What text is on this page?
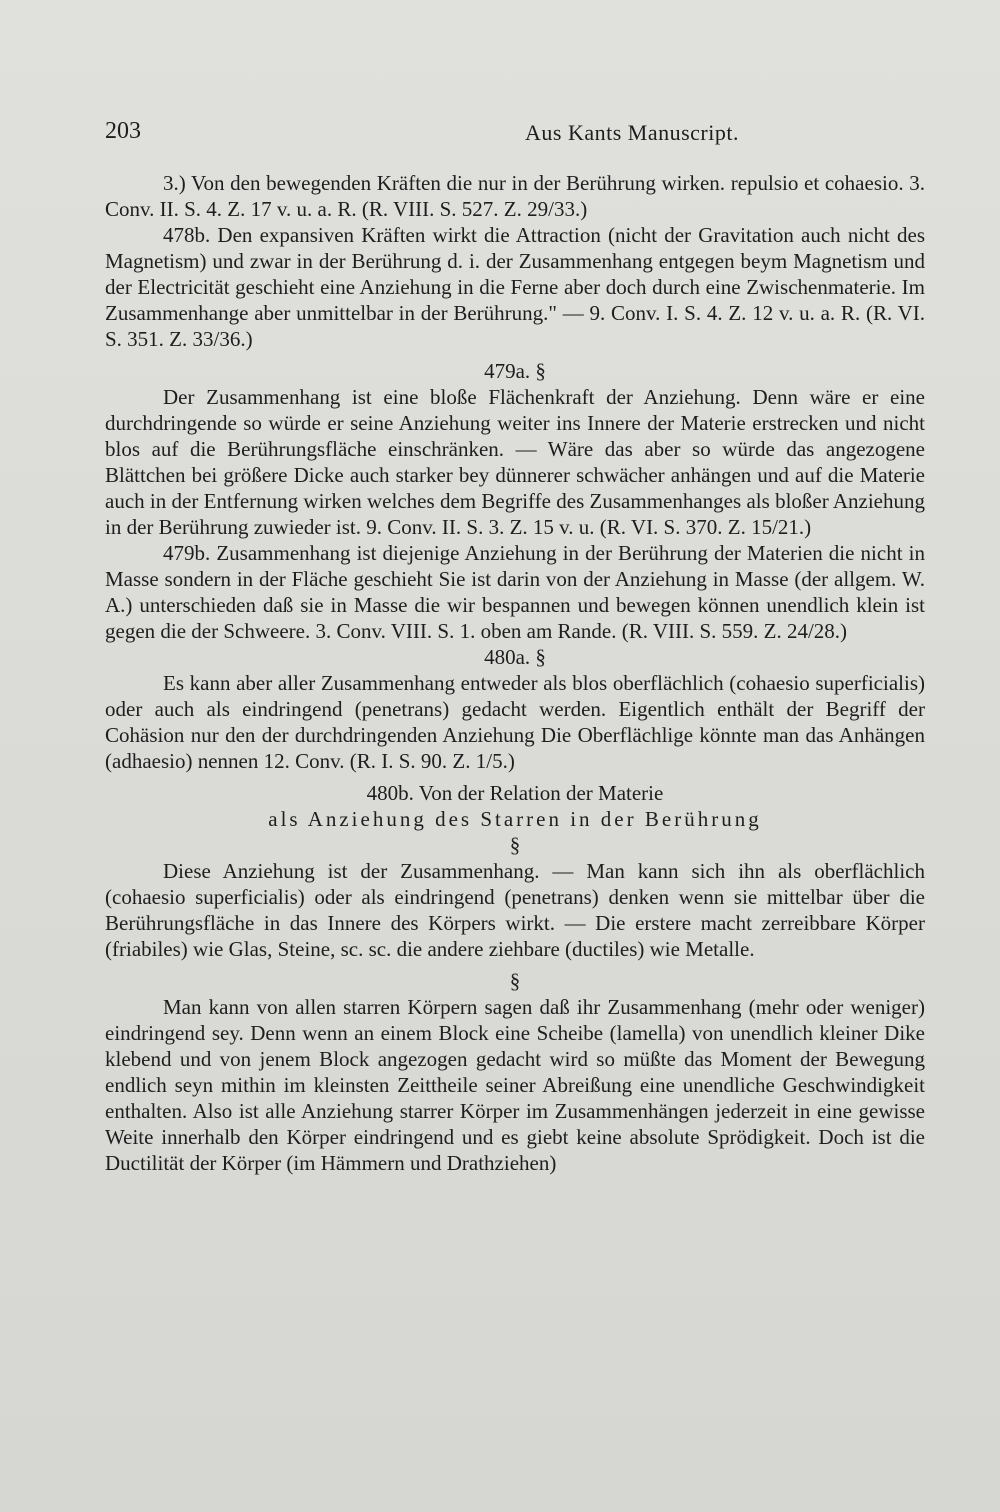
203	Aus Kants Manuscript.

3.) Von den bewegenden Kräften die nur in der Berührung wirken. repulsio et cohaesio. 3. Conv. II. S. 4. Z. 17 v. u. a. R. (R. VIII. S. 527. Z. 29/33.)

478b. Den expansiven Kräften wirkt die Attraction (nicht der Gravitation auch nicht des Magnetism) und zwar in der Berührung d. i. der Zusammenhang entgegen beym Magnetism und der Electricität geschieht eine Anziehung in die Ferne aber doch durch eine Zwischenmaterie. Im Zusammenhange aber unmittelbar in der Berührung." — 9. Conv. I. S. 4. Z. 12 v. u. a. R. (R. VI. S. 351. Z. 33/36.)

479a. §

Der Zusammenhang ist eine bloße Flächenkraft der Anziehung. Denn wäre er eine durchdringende so würde er seine Anziehung weiter ins Innere der Materie erstrecken und nicht blos auf die Berührungsfläche einschränken. — Wäre das aber so würde das angezogene Blättchen bei größere Dicke auch starker bey dünnerer schwächer anhängen und auf die Materie auch in der Entfernung wirken welches dem Begriffe des Zusammenhanges als bloßer Anziehung in der Berührung zuwieder ist. 9. Conv. II. S. 3. Z. 15 v. u. (R. VI. S. 370. Z. 15/21.)

479b. Zusammenhang ist diejenige Anziehung in der Berührung der Materien die nicht in Masse sondern in der Fläche geschieht Sie ist darin von der Anziehung in Masse (der allgem. W. A.) unterschieden daß sie in Masse die wir bespannen und bewegen können unendlich klein ist gegen die der Schweere. 3. Conv. VIII. S. 1. oben am Rande. (R. VIII. S. 559. Z. 24/28.)

480a. §

Es kann aber aller Zusammenhang entweder als blos oberflächlich (cohaesio superficialis) oder auch als eindringend (penetrans) gedacht werden. Eigentlich enthält der Begriff der Cohäsion nur den der durchdringenden Anziehung Die Oberflächlige könnte man das Anhängen (adhaesio) nennen 12. Conv. (R. I. S. 90. Z. 1/5.)

480b. Von der Relation der Materie

als Anziehung des Starren in der Berührung

§

Diese Anziehung ist der Zusammenhang. — Man kann sich ihn als oberflächlich (cohaesio superficialis) oder als eindringend (penetrans) denken wenn sie mittelbar über die Berührungsfläche in das Innere des Körpers wirkt. — Die erstere macht zerreibbare Körper (friabiles) wie Glas, Steine, sc. sc. die andere ziehbare (ductiles) wie Metalle.

§

Man kann von allen starren Körpern sagen daß ihr Zusammenhang (mehr oder weniger) eindringend sey. Denn wenn an einem Block eine Scheibe (lamella) von unendlich kleiner Dike klebend und von jenem Block angezogen gedacht wird so müßte das Moment der Bewegung endlich seyn mithin im kleinsten Zeittheile seiner Abreißung eine unendliche Geschwindigkeit enthalten. Also ist alle Anziehung starrer Körper im Zusammenhängen jederzeit in eine gewisse Weite innerhalb den Körper eindringend und es giebt keine absolute Sprödigkeit. Doch ist die Ductilität der Körper (im Hämmern und Drathziehen)
